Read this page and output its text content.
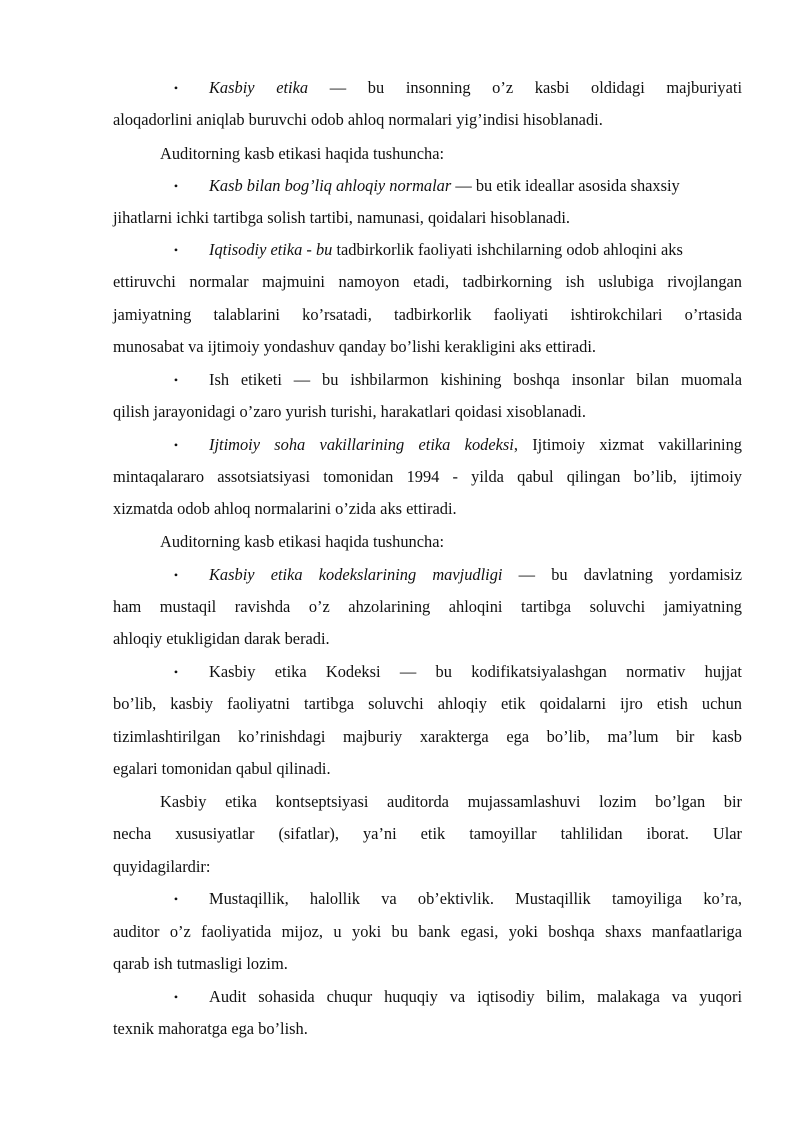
•
Kasbiy etika — bu insonning o’z kasbi oldidagi majburiyati
aloqadorlini aniqlab buruvchi odob ahloq normalari yig’indisi hisoblanadi.
Auditorning kasb etikasi haqida tushuncha:
•
Kasb bilan bog’liq ahloqiy normalar — bu etik ideallar asosida shaxsiy
jihatlarni ichki tartibga solish tartibi, namunasi, qoidalari hisoblanadi.
•
Iqtisodiy etika - bu tadbirkorlik faoliyati ishchilarning odob ahloqini aks
ettiruvchi normalar majmuini namoyon etadi, tadbirkorning ish uslubiga rivojlangan
jamiyatning talablarini ko’rsatadi, tadbirkorlik faoliyati ishtirokchilari o’rtasida
munosabat va ijtimoiy yondashuv qanday bo’lishi kerakligini aks ettiradi.
•
Ish etiketi — bu ishbilarmon kishining boshqa insonlar bilan muomala
qilish jarayonidagi o’zaro yurish turishi, harakatlari qoidasi xisoblanadi.
•
Ijtimoiy soha vakillarining etika kodeksi, Ijtimoiy xizmat vakillarining
mintaqalararo assotsiatsiyasi tomonidan 1994 - yilda qabul qilingan bo’lib, ijtimoiy
xizmatda odob ahloq normalarini o’zida aks ettiradi.
Auditorning kasb etikasi haqida tushuncha:
•
Kasbiy etika kodekslarining mavjudligi — bu davlatning yordamisiz
ham mustaqil ravishda o’z ahzolarining ahloqini tartibga soluvchi jamiyatning
ahloqiy etukligidan darak beradi.
•
Kasbiy etika Kodeksi — bu kodifikatsiyalashgan normativ hujjat
bo’lib, kasbiy faoliyatni tartibga soluvchi ahloqiy etik qoidalarni ijro etish uchun
tizimlashtirilgan ko’rinishdagi majburiy xarakterga ega bo’lib, ma’lum bir kasb
egalari tomonidan qabul qilinadi.
Kasbiy etika kontseptsiyasi auditorda mujassamlashuvi lozim bo’lgan bir
necha xususiyatlar (sifatlar), ya’ni etik tamoyillar tahlilidan iborat. Ular
quyidagilardir:
•
Mustaqillik, halollik va ob’ektivlik. Mustaqillik tamoyiliga ko’ra,
auditor o’z faoliyatida mijoz, u yoki bu bank egasi, yoki boshqa shaxs manfaatlariga
qarab ish tutmasligi lozim.
•
Audit sohasida chuqur huquqiy va iqtisodiy bilim, malakaga va yuqori
texnik mahoratga ega bo’lish.
